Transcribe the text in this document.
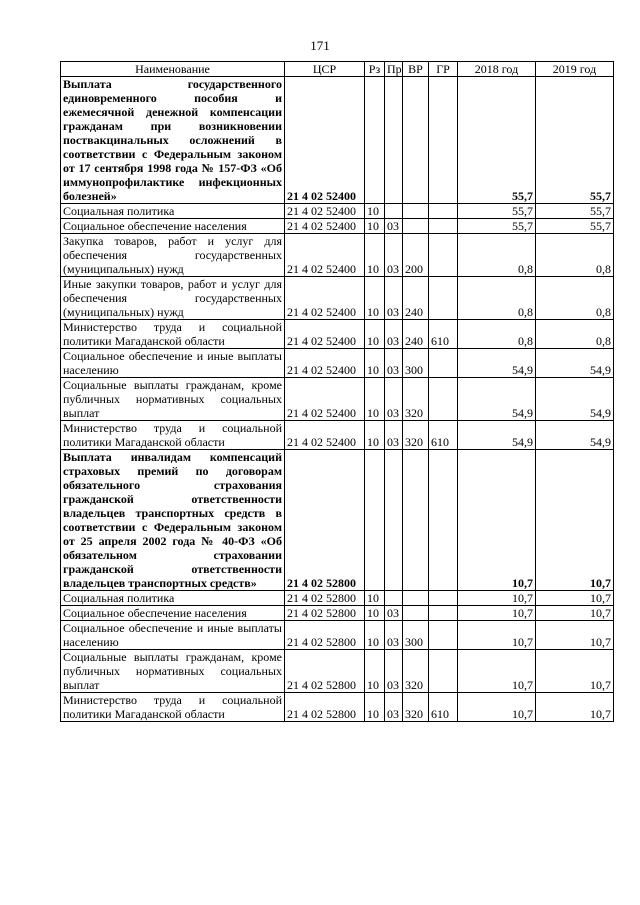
171
Наименование	ЦСР	Рз	Пр	ВР	ГР	2018 год	2019 год
Выплата государственного единовременного пособия и ежемесячной денежной компенсации гражданам при возникновении поствакцинальных осложнений в соответствии с Федеральным законом от 17 сентября 1998 года № 157-ФЗ «Об иммунопрофилактике инфекционных болезней»	21 4 02 52400					55,7	55,7
Социальная политика	21 4 02 52400	10				55,7	55,7
Социальное обеспечение населения	21 4 02 52400	10	03			55,7	55,7
Закупка товаров, работ и услуг для обеспечения государственных (муниципальных) нужд	21 4 02 52400	10	03	200		0,8	0,8
Иные закупки товаров, работ и услуг для обеспечения государственных (муниципальных) нужд	21 4 02 52400	10	03	240		0,8	0,8
Министерство труда и социальной политики Магаданской области	21 4 02 52400	10	03	240	610	0,8	0,8
Социальное обеспечение и иные выплаты населению	21 4 02 52400	10	03	300		54,9	54,9
Социальные выплаты гражданам, кроме публичных нормативных социальных выплат	21 4 02 52400	10	03	320		54,9	54,9
Министерство труда и социальной политики Магаданской области	21 4 02 52400	10	03	320	610	54,9	54,9
Выплата инвалидам компенсаций страховых премий по договорам обязательного страхования гражданской ответственности владельцев транспортных средств в соответствии с Федеральным законом от 25 апреля 2002 года № 40-ФЗ «Об обязательном страховании гражданской ответственности владельцев транспортных средств»	21 4 02 52800					10,7	10,7
Социальная политика	21 4 02 52800	10				10,7	10,7
Социальное обеспечение населения	21 4 02 52800	10	03			10,7	10,7
Социальное обеспечение и иные выплаты населению	21 4 02 52800	10	03	300		10,7	10,7
Социальные выплаты гражданам, кроме публичных нормативных социальных выплат	21 4 02 52800	10	03	320		10,7	10,7
Министерство труда и социальной политики Магаданской области	21 4 02 52800	10	03	320	610	10,7	10,7
